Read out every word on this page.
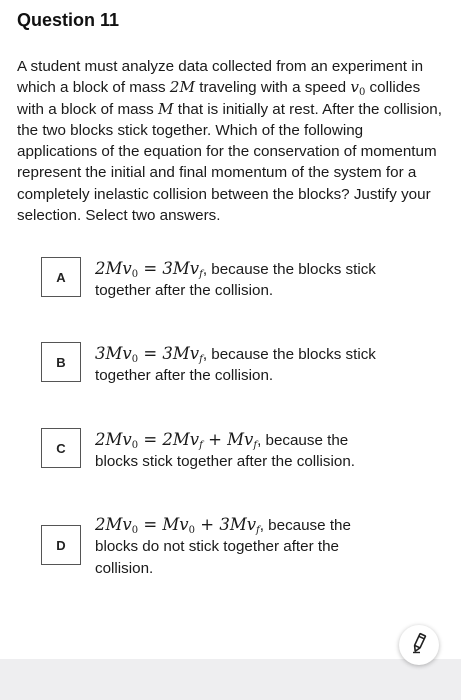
Question 11
A student must analyze data collected from an experiment in which a block of mass 2M traveling with a speed $v_0$ collides with a block of mass M that is initially at rest. After the collision, the two blocks stick together. Which of the following applications of the equation for the conservation of momentum represent the initial and final momentum of the system for a completely inelastic collision between the blocks? Justify your selection. Select two answers.
A	$2Mv_0 = 3Mv_f$, because the blocks stick together after the collision.
B	$3Mv_0 = 3Mv_f$, because the blocks stick together after the collision.
C	$2Mv_0 = 2Mv_f + Mv_f$, because the blocks stick together after the collision.
D
$2Mv_0 = Mv_0 + 3Mv_f$, because the blocks do not stick together after the collision.
